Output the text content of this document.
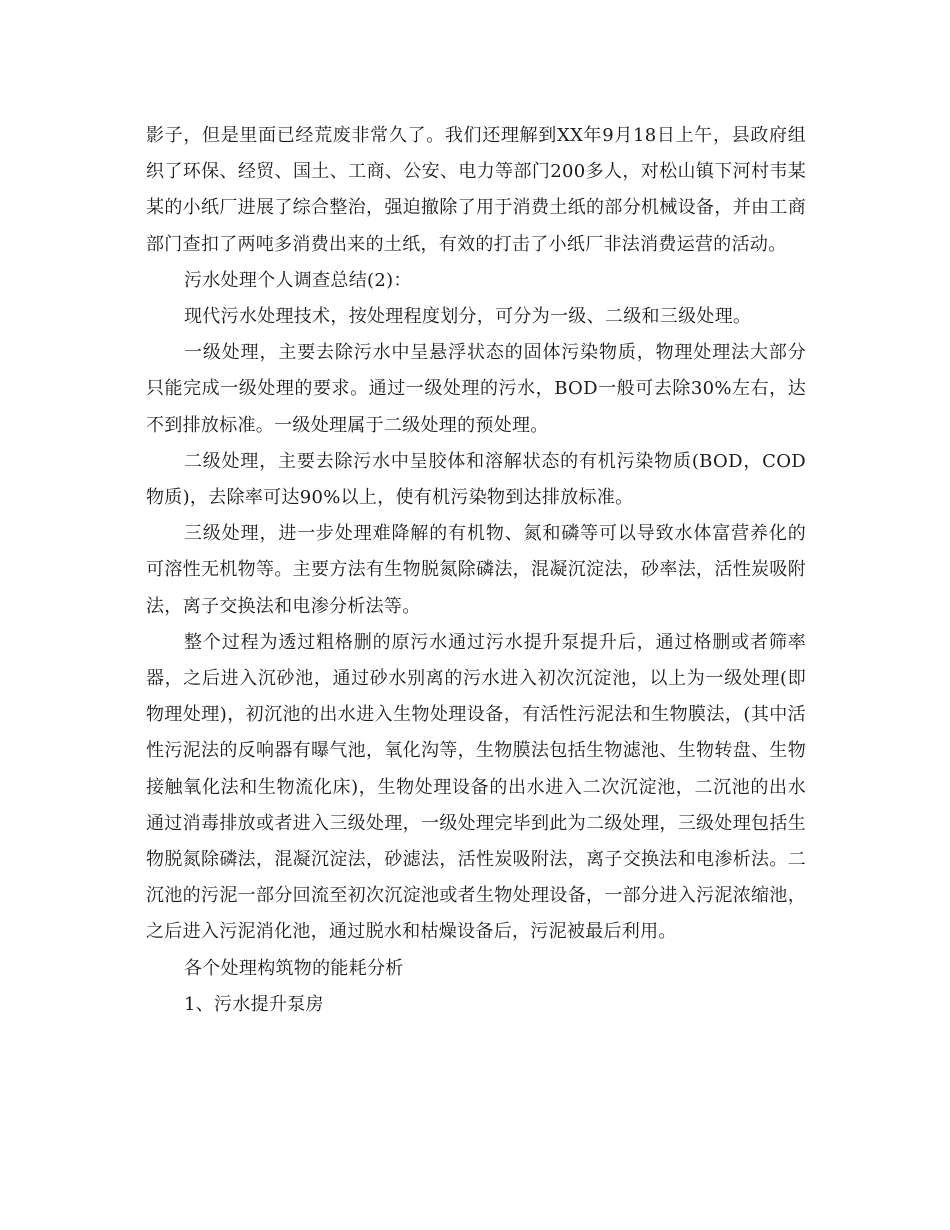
影子，但是里面已经荒废非常久了。我们还理解到XX年9月18日上午，县政府组织了环保、经贸、国土、工商、公安、电力等部门200多人，对松山镇下河村韦某某的小纸厂进展了综合整治，强迫撤除了用于消费土纸的部分机械设备，并由工商部门查扣了两吨多消费出来的土纸，有效的打击了小纸厂非法消费运营的活动。

污水处理个人调查总结(2)：

现代污水处理技术，按处理程度划分，可分为一级、二级和三级处理。

一级处理，主要去除污水中呈悬浮状态的固体污染物质，物理处理法大部分只能完成一级处理的要求。通过一级处理的污水，BOD一般可去除30%左右，达不到排放标准。一级处理属于二级处理的预处理。

二级处理，主要去除污水中呈胶体和溶解状态的有机污染物质(BOD，COD物质)，去除率可达90%以上，使有机污染物到达排放标准。

三级处理，进一步处理难降解的有机物、氮和磷等可以导致水体富营养化的可溶性无机物等。主要方法有生物脱氮除磷法，混凝沉淀法，砂率法，活性炭吸附法，离子交换法和电渗分析法等。

整个过程为透过粗格删的原污水通过污水提升泵提升后，通过格删或者筛率器，之后进入沉砂池，通过砂水别离的污水进入初次沉淀池，以上为一级处理(即物理处理)，初沉池的出水进入生物处理设备，有活性污泥法和生物膜法，(其中活性污泥法的反响器有曝气池，氧化沟等，生物膜法包括生物滤池、生物转盘、生物接触氧化法和生物流化床)，生物处理设备的出水进入二次沉淀池，二沉池的出水通过消毒排放或者进入三级处理，一级处理完毕到此为二级处理，三级处理包括生物脱氮除磷法，混凝沉淀法，砂滤法，活性炭吸附法，离子交换法和电渗析法。二沉池的污泥一部分回流至初次沉淀池或者生物处理设备，一部分进入污泥浓缩池，之后进入污泥消化池，通过脱水和枯燥设备后，污泥被最后利用。

各个处理构筑物的能耗分析

1、污水提升泵房
